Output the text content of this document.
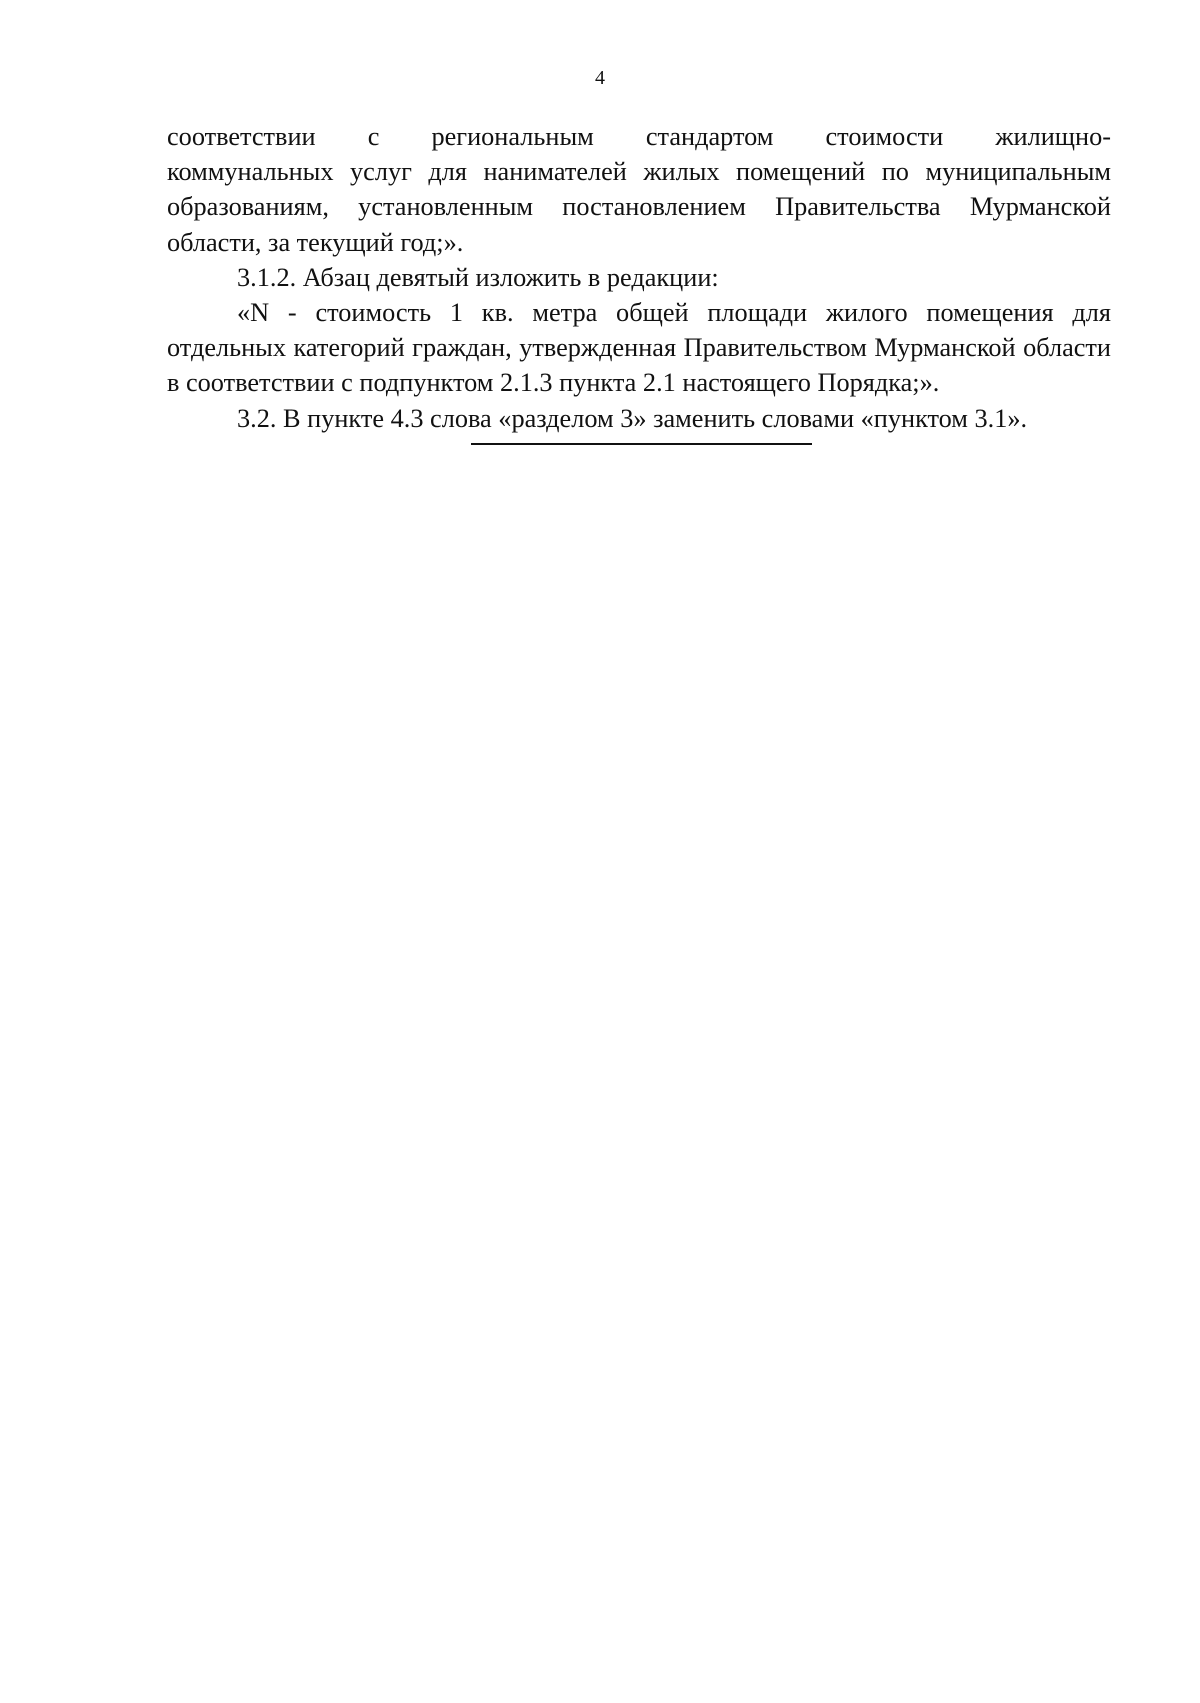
4

соответствии с региональным стандартом стоимости жилищно-

коммунальных услуг для нанимателей жилых помещений по муниципальным образованиям, установленным постановлением Правительства Мурманской области, за текущий год;».

3.1.2. Абзац девятый изложить в редакции:

«N - стоимость 1 кв. метра общей площади жилого помещения для отдельных категорий граждан, утвержденная Правительством Мурманской области в соответствии с подпунктом 2.1.3 пункта 2.1 настоящего Порядка;».

3.2. В пункте 4.3 слова «разделом 3» заменить словами «пунктом 3.1».
